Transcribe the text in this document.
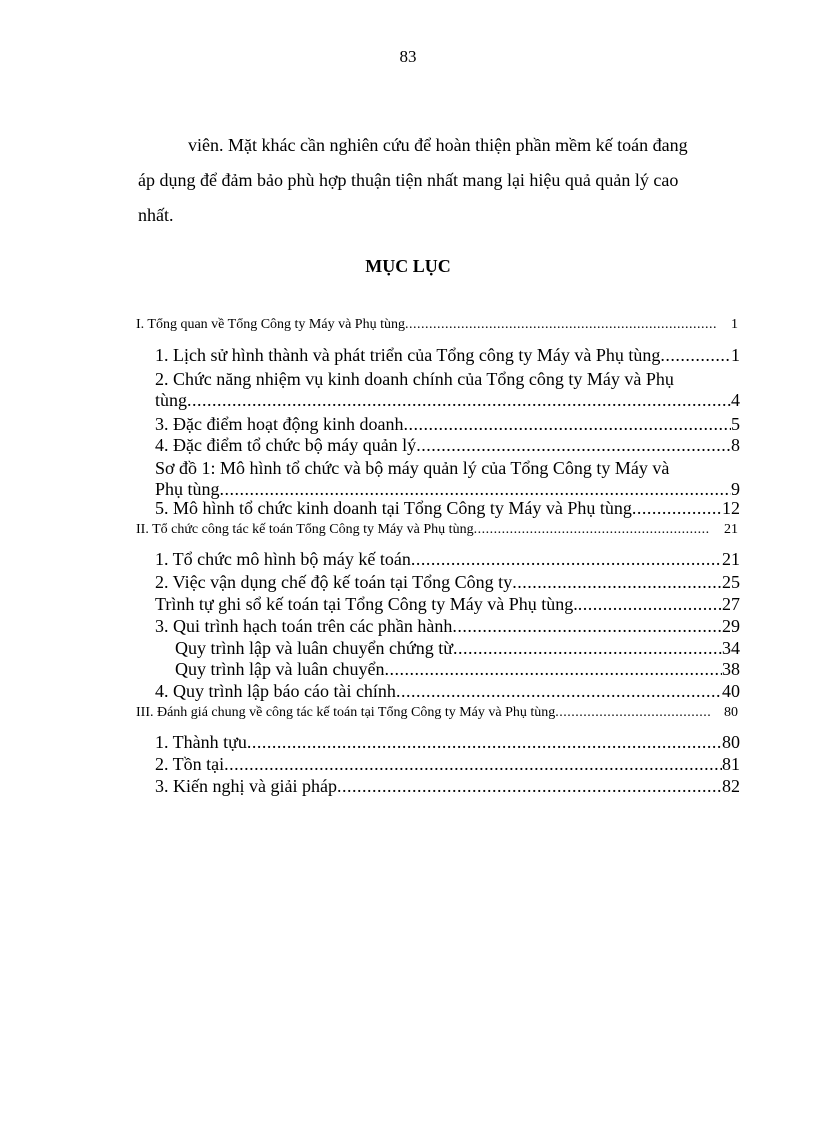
83

viên. Mặt khác cần nghiên cứu để hoàn thiện phần mềm kế toán đang
áp dụng để đảm bảo phù hợp thuận tiện nhất mang lại hiệu quả quản lý cao
nhất.

MỤC LỤC
I. Tổng quan về Tổng Công ty Máy và Phụ tùng .....	1
1. Lịch sử hình thành và phát triển của Tổng công ty Máy và Phụ tùng .....	1
2. Chức năng nhiệm vụ kinh doanh chính của Tổng công ty Máy và Phụ
tùng .....	4
3. Đặc điểm hoạt động kinh doanh .....	5
4. Đặc điểm tổ chức bộ máy quản lý .....	8
Sơ đồ 1: Mô hình tổ chức và bộ máy quản lý của Tổng Công ty Máy và
Phụ tùng .....	9
5. Mô hình tổ chức kinh doanh tại Tổng Công ty Máy và Phụ tùng .....	12
II. Tổ chức công tác kế toán Tổng Công ty Máy và Phụ tùng .....	21
1. Tổ chức mô hình bộ máy kế toán .....	21
2. Việc vận dụng chế độ kế toán tại Tổng Công ty .....	25
Trình tự ghi sổ kế toán tại Tổng Công ty Máy và Phụ tùng. .....	27
3. Qui trình hạch toán trên các phần hành .....	29
Quy trình lập và luân chuyển chứng từ .....	34
Quy trình lập và luân chuyển .....	38
4. Quy trình lập báo cáo tài chính .....	40
III. Đánh giá chung về công tác kế toán tại Tổng Công ty Máy và Phụ tùng .....	80
1. Thành tựu .....	80
2. Tồn tại .....	81
3. Kiến nghị và giải pháp .....	82
